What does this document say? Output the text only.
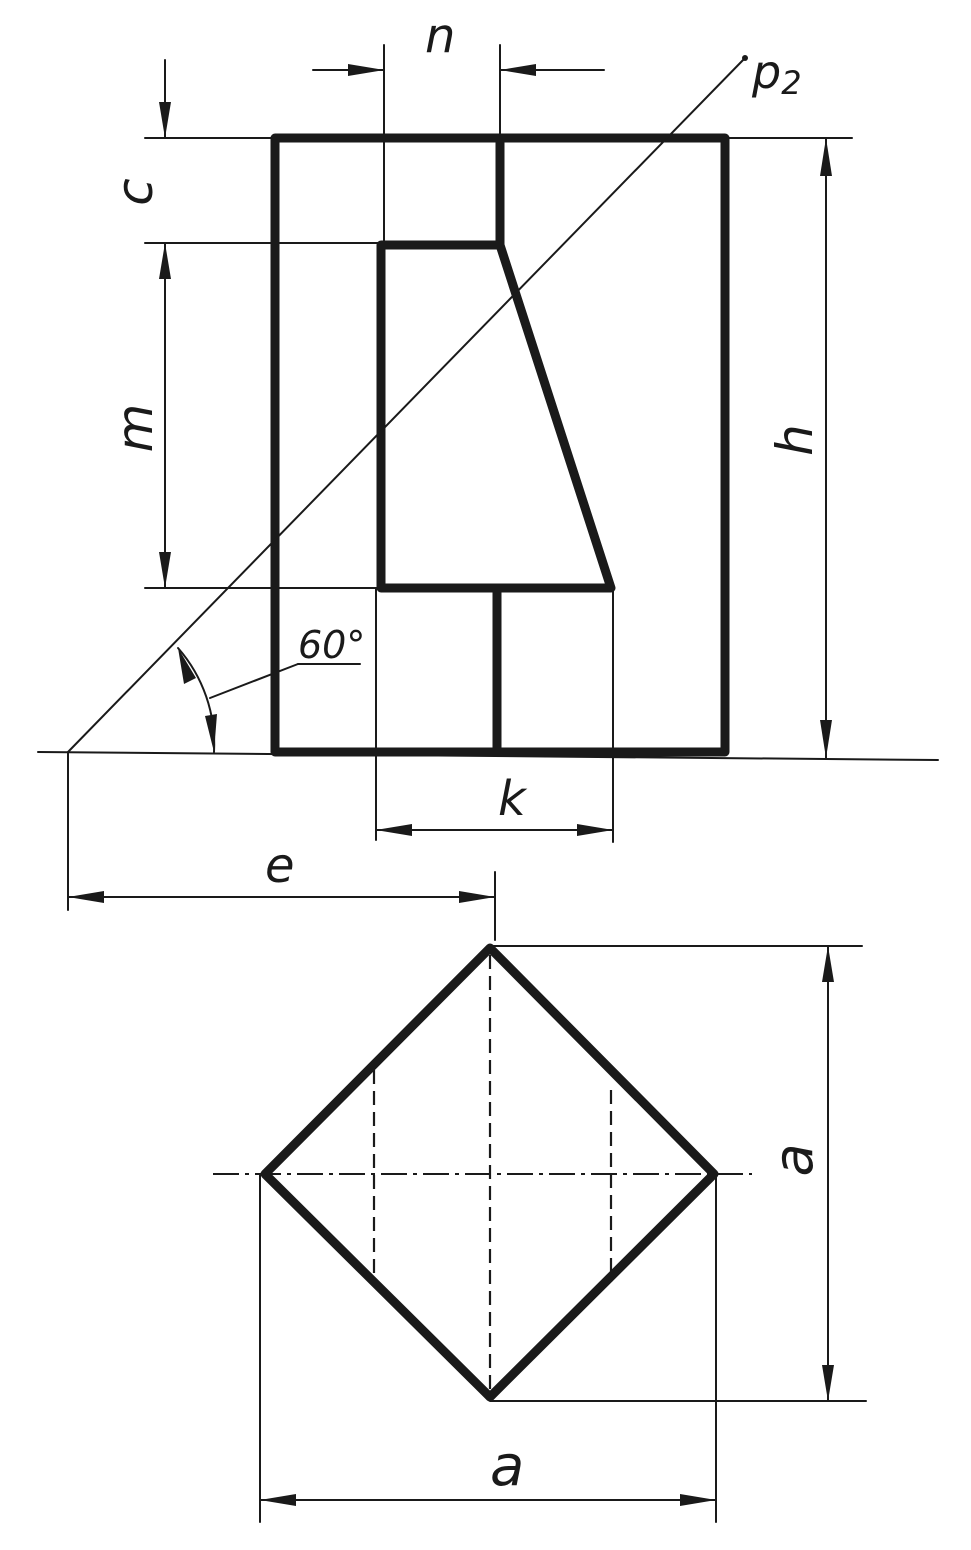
n
p2
c
m	h
60°
k
e
a
a
